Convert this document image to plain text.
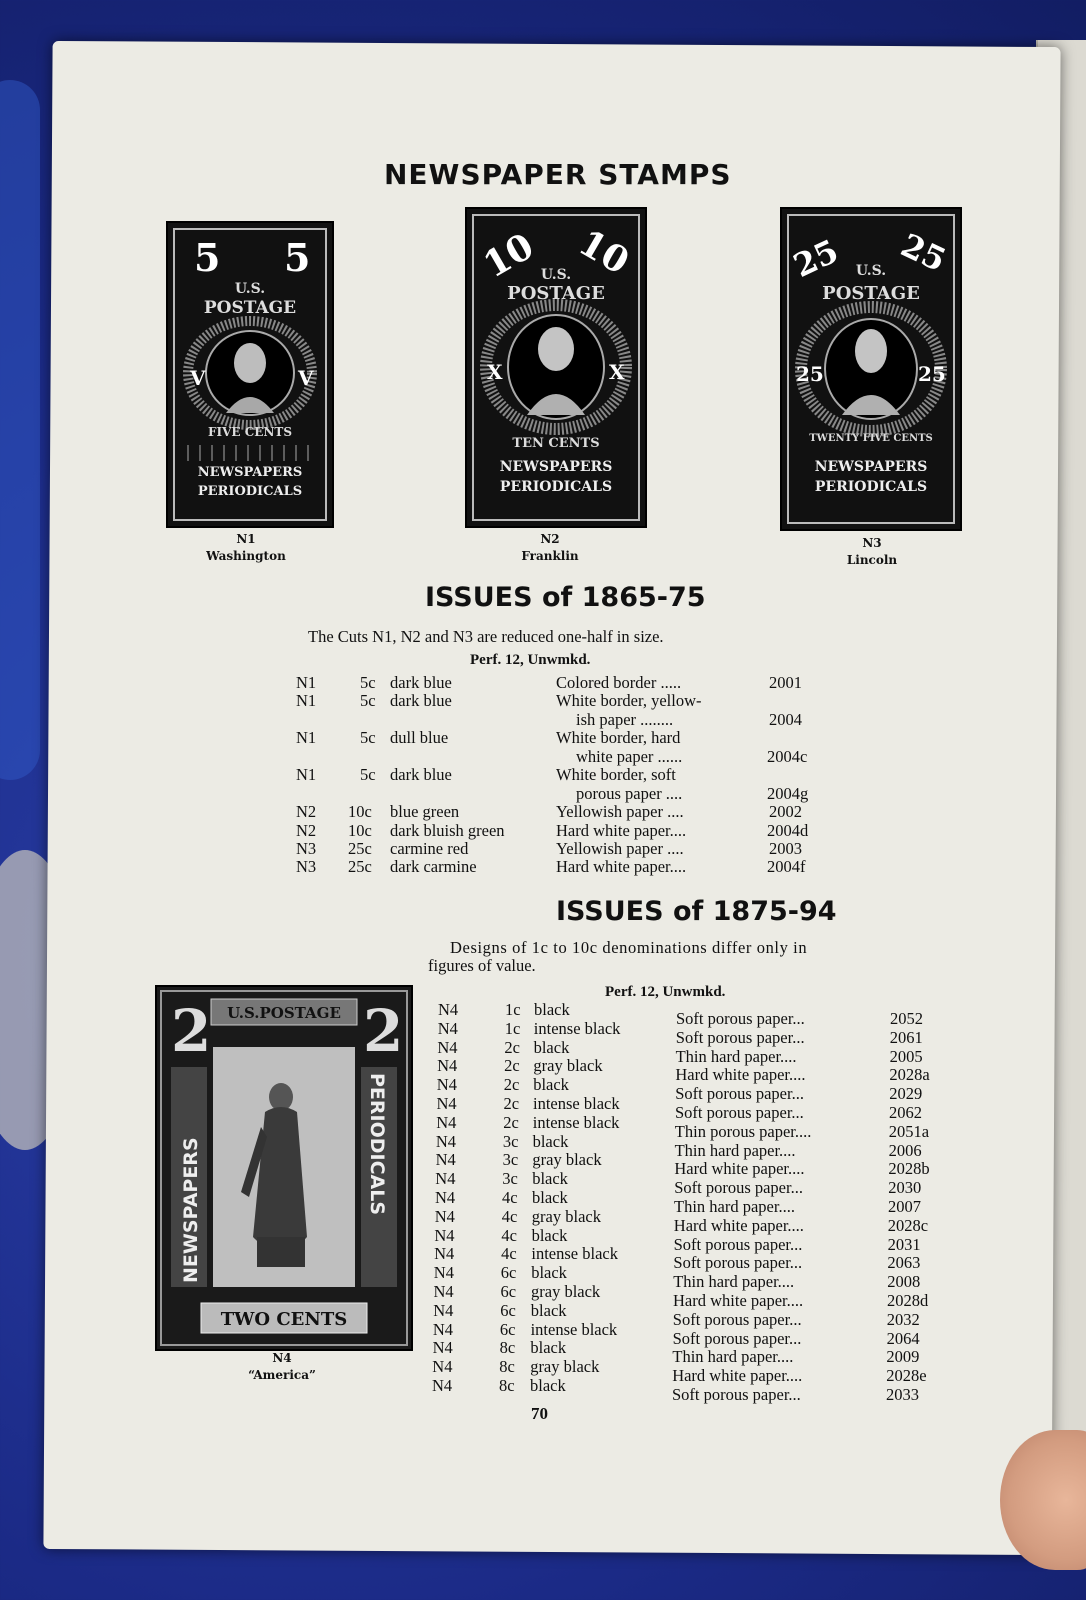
NEWSPAPER STAMPS
5 5
U.S.
POSTAGE
V	V
FIVE CENTS
NEWSPAPERS
PERIODICALS
N1
Washington
10 10
U.S.
POSTAGE
X	X
TEN CENTS
NEWSPAPERS
PERIODICALS
N2
Franklin
25 25
U.S.
POSTAGE
25	25
TWENTY FIVE CENTS
NEWSPAPERS
PERIODICALS
N3
Lincoln
ISSUES of 1865-75
The Cuts N1, N2 and N3 are reduced one-half in size.
Perf. 12, Unwmkd.
N1	5c dark blue	Colored border .....	2001
N1	5c dark blue	White border, yellow-
ish paper ........	2004
N1	5c dull blue	White border, hard
white paper ......	2004c
N1	5c dark blue	White border, soft
porous paper ....	2004g
N2 10c blue green	Yellowish paper ....	2002
N2 10c dark bluish green	Hard white paper....	2004d
N3 25c carmine red	Yellowish paper ....	2003
N3 25c dark carmine	Hard white paper....	2004f
ISSUES of 1875-94
Designs of 1c to 10c denominations differ only in
figures of value.
Perf. 12, Unwmkd.
2	2
U.S.POSTAGE
NEWSPAPERS	PERIODICALS
TWO CENTS
N4
“America”
N4	1c black	Soft porous paper...	2052
N4	1c intense black	Soft porous paper...	2061
N4	2c black	Thin hard paper....	2005
N4	2c gray black	Hard white paper....	2028a
N4	2c black	Soft porous paper...	2029
N4	2c intense black	Soft porous paper...	2062
N4	2c intense black	Thin porous paper....	2051a
N4	3c black	Thin hard paper....	2006
N4	3c gray black	Hard white paper....	2028b
N4	3c black	Soft porous paper...	2030
N4	4c black	Thin hard paper....	2007
N4	4c gray black	Hard white paper....	2028c
N4	4c black	Soft porous paper...	2031
N4	4c intense black	Soft porous paper...	2063
N4	6c black	Thin hard paper....	2008
N4	6c gray black	Hard white paper....	2028d
N4	6c black	Soft porous paper...	2032
N4	6c intense black	Soft porous paper...	2064
N4	8c black	Thin hard paper....	2009
N4	8c gray black	Hard white paper....	2028e
N4	8c black	Soft porous paper...	2033
70
